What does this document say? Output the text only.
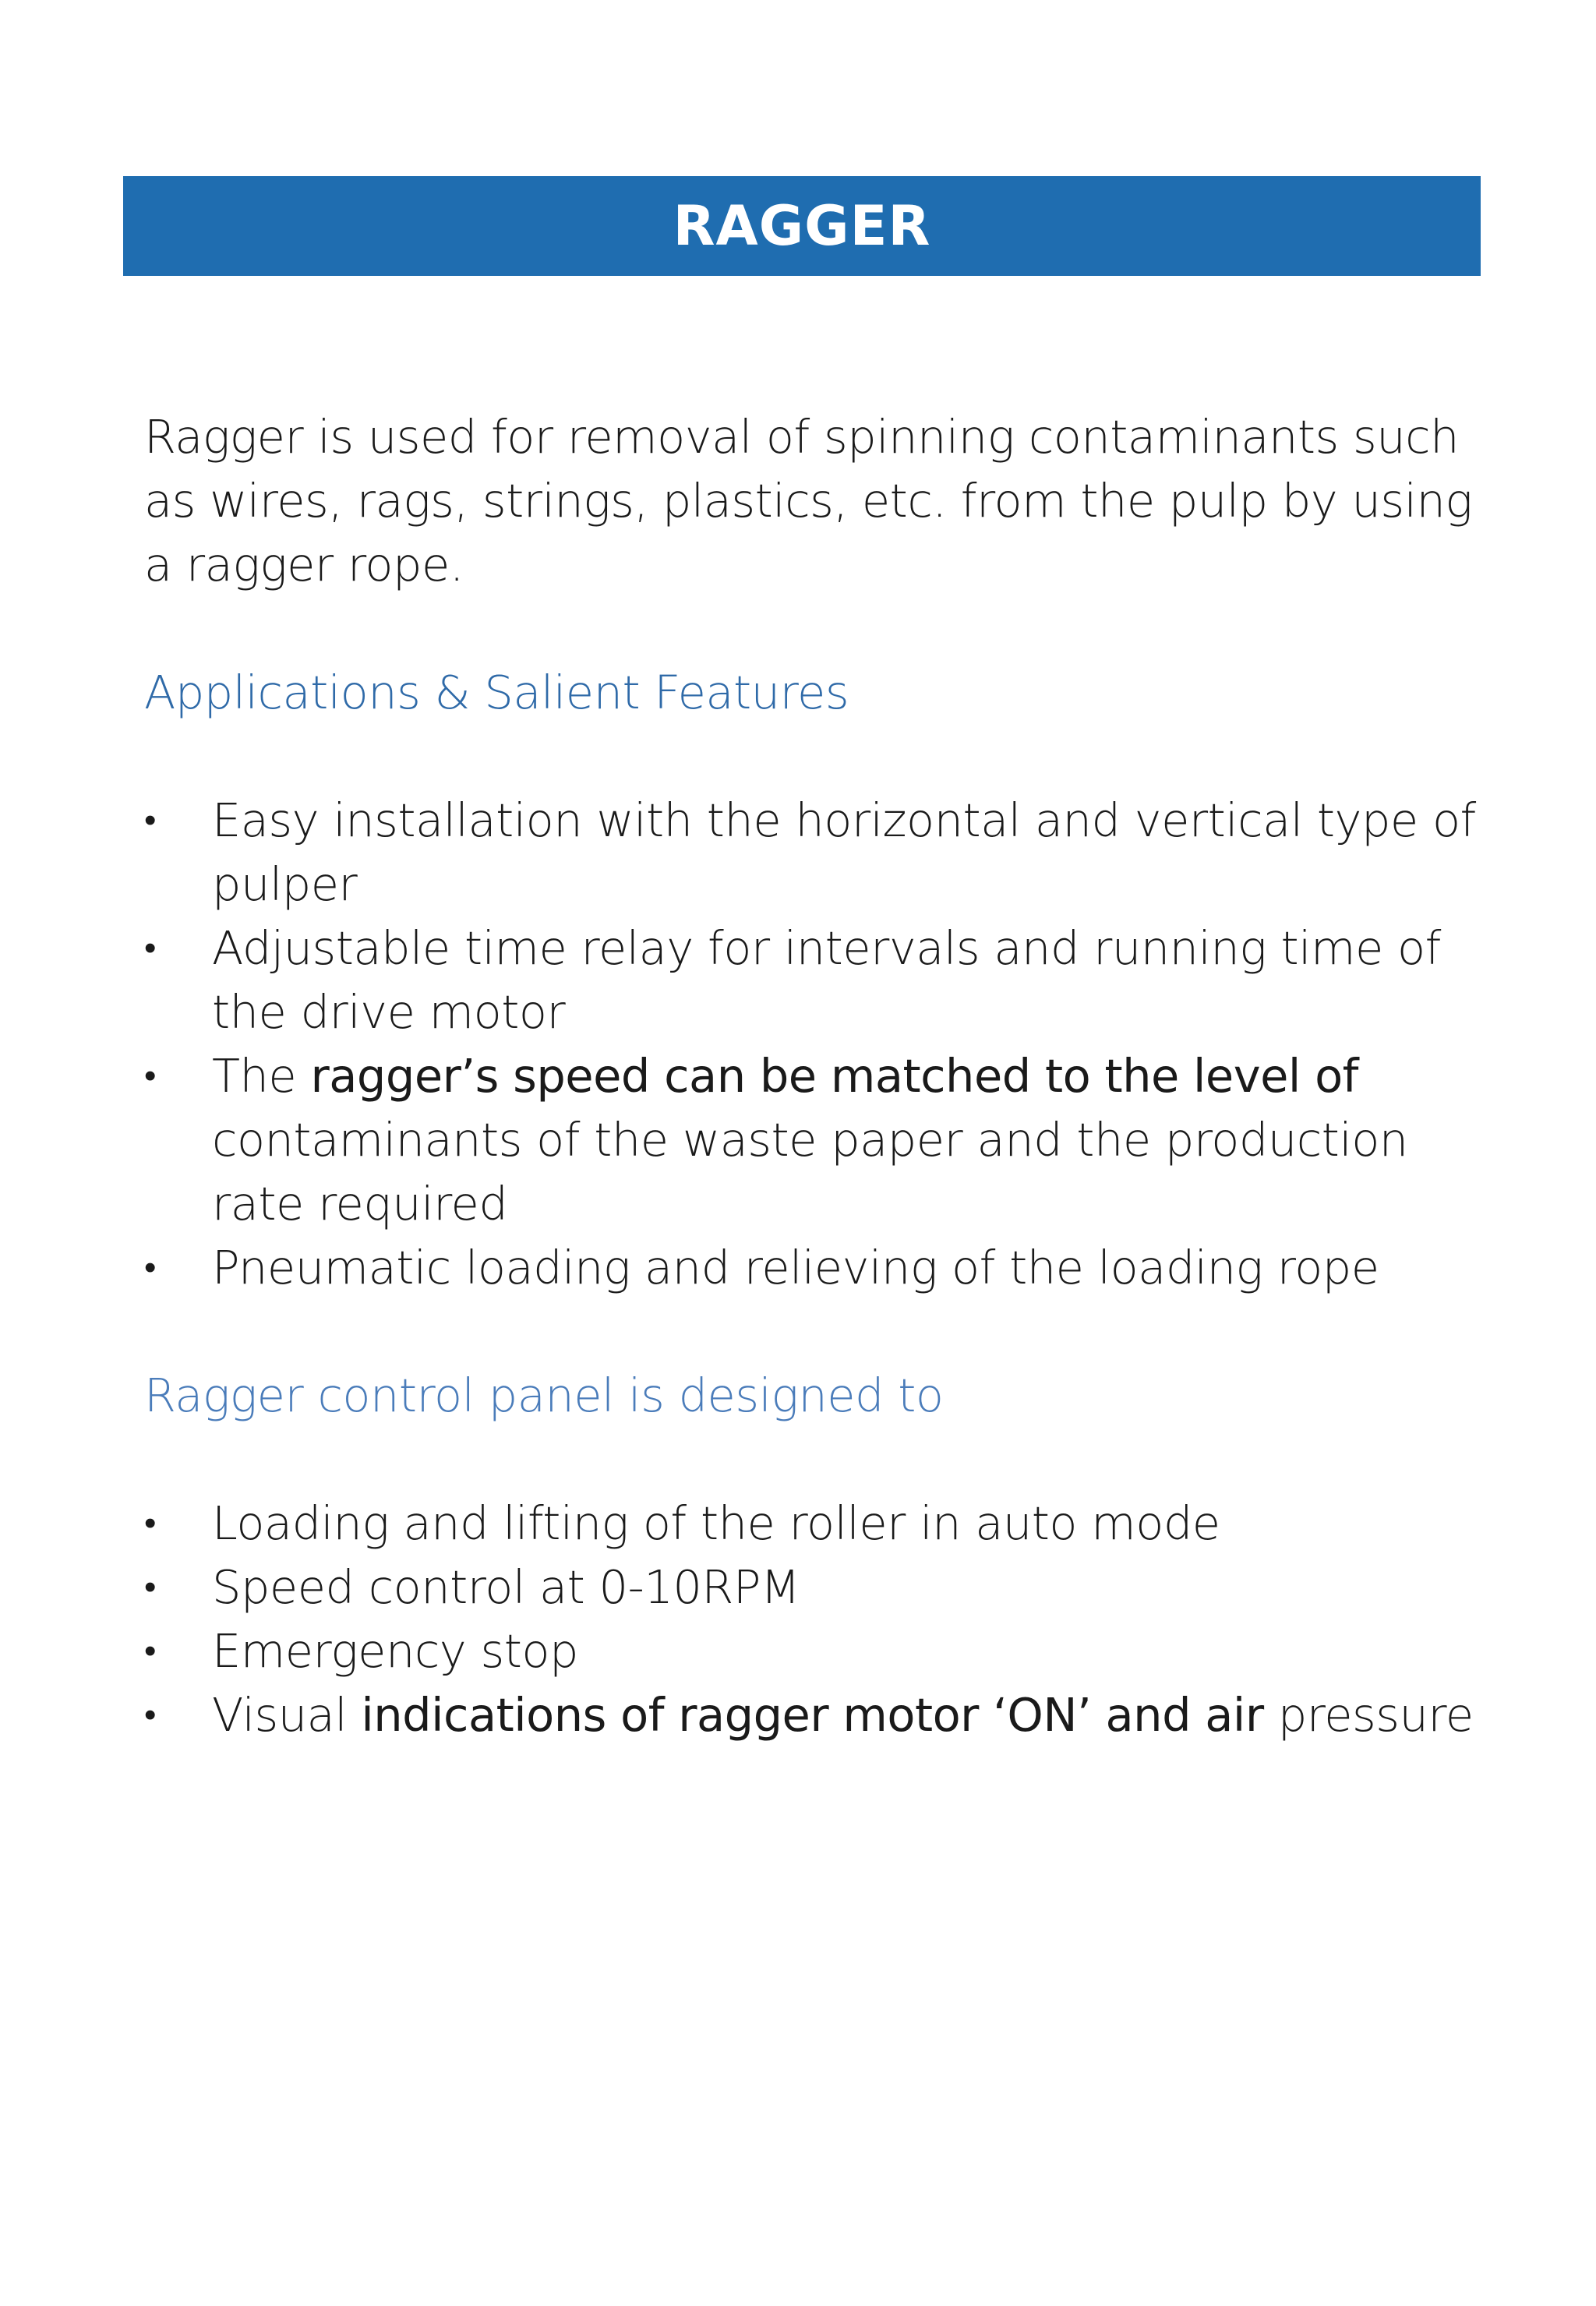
RAGGER

Ragger is used for removal of spinning contaminants such as wires, rags, strings, plastics, etc. from the pulp by using a ragger rope.

Applications & Salient Features
• Easy installation with the horizontal and vertical type of pulper
• Adjustable time relay for intervals and running time of the drive motor
• The ragger’s speed can be matched to the level of contaminants of the waste paper and the production rate required
• Pneumatic loading and relieving of the loading rope
Ragger control panel is designed to
• Loading and lifting of the roller in auto mode
• Speed control at 0-10RPM
• Emergency stop
• Visual indications of ragger motor ‘ON’ and air pressure
